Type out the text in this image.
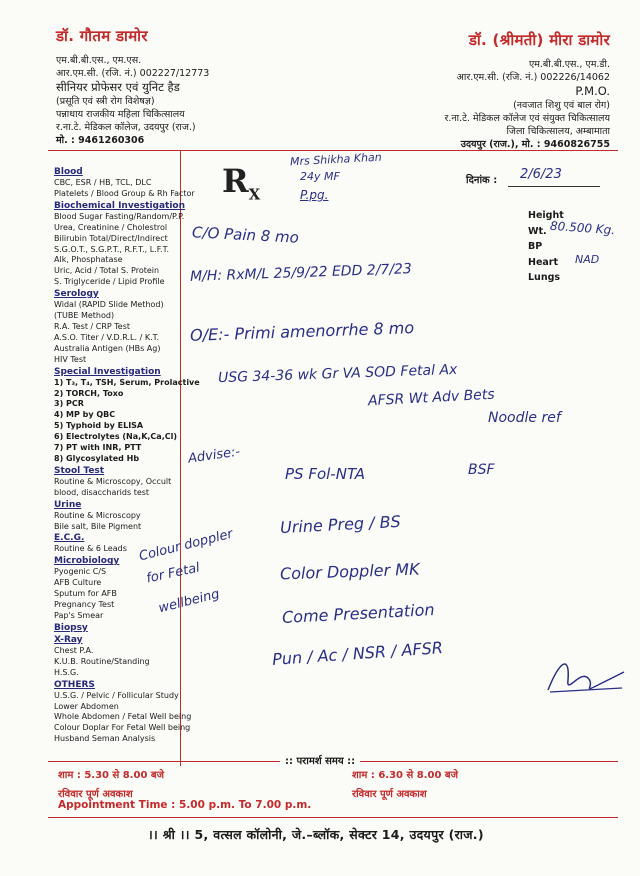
डॉ. गौतम डामोर
एम.बी.बी.एस., एम.एस.
आर.एम.सी. (रजि. नं.) 002227/12773
सीनियर प्रोफेसर एवं युनिट हैड
(प्रसूति एवं स्त्री रोग विशेषज्ञ)
पन्नाधाय राजकीय महिला चिकित्सालय
र.ना.टे. मेडिकल कॉलेज, उदयपुर (राज.)
मो. : 9461260306
डॉ. (श्रीमती) मीरा डामोर
एम.बी.बी.एस., एम.डी.
आर.एम.सी. (रजि. नं.) 002226/14062
P.M.O.
(नवजात शिशु एवं बाल रोग)
र.ना.टे. मेडिकल कॉलेज एवं संयुक्त चिकित्सालय
जिला चिकित्सालय, अम्बामाता
उदयपुर (राज.), मो. : 9460826755
Blood
CBC, ESR / HB, TCL, DLC
Platelets / Blood Group & Rh Factor
Biochemical Investigation
Blood Sugar Fasting/Random/P.P.
Urea, Creatinine / Cholestrol
Bilirubin Total/Direct/Indirect
S.G.O.T., S.G.P.T., R.F.T., L.F.T.
Alk, Phosphatase
Uric, Acid / Total S. Protein
S. Triglyceride / Lipid Profile
Serology
Widal (RAPID Slide Method)
(TUBE Method)
R.A. Test / CRP Test
A.S.O. Titer / V.D.R.L. / K.T.
Australia Antigen (HBs Ag)
HIV Test
Special Investigation
1) T₃, T₄, TSH, Serum, Prolactive
2) TORCH, Toxo
3) PCR
4) MP by QBC
5) Typhoid by ELISA
6) Electrolytes (Na,K,Ca,Cl)
7) PT with INR, PTT
8) Glycosylated Hb
Stool Test
Routine & Microscopy, Occult
blood, disaccharids test
Urine
Routine & Microscopy
Bile salt, Bile Pigment
E.C.G.
Routine & 6 Leads
Microbiology
Pyogenic C/S
AFB Culture
Sputum for AFB
Pregnancy Test
Pap's Smear
Biopsy
X-Ray
Chest P.A.
K.U.B. Routine/Standing
H.S.G.
OTHERS
U.S.G. / Pelvic / Follicular Study
Lower Abdomen
Whole Abdomen / Fetal Well being
Colour Doplar For Fetal Well being
Husband Seman Analysis
$R_X$
दिनांक :
Height
Wt.
BP
Heart
Lungs
Mrs Shikha Khan
24y MF
P.pg.
2/6/23
80.500 Kg.
NAD
C/O Pain 8 mo
M/H: RxM/L 25/9/22 EDD 2/7/23
O/E:- Primi amenorrhe 8 mo
USG 34-36 wk Gr VA SOD Fetal Ax
AFSR Wt Adv Bets
Noodle ref
Advise:-
PS Fol-NTA	BSF
Urine Preg / BS
Color Doppler MK
Come Presentation
Pun / Ac / NSR / AFSR
Colour doppler
for Fetal
wellbeing
:: परामर्श समय ::
शाम : 5.30 से 8.00 बजे
रविवार पूर्ण अवकाश
शाम : 6.30 से 8.00 बजे
रविवार पूर्ण अवकाश
Appointment Time : 5.00 p.m. To 7.00 p.m.
।। श्री ।। 5, वत्सल कॉलोनी, जे.–ब्लॉक, सेक्टर 14, उदयपुर (राज.)
